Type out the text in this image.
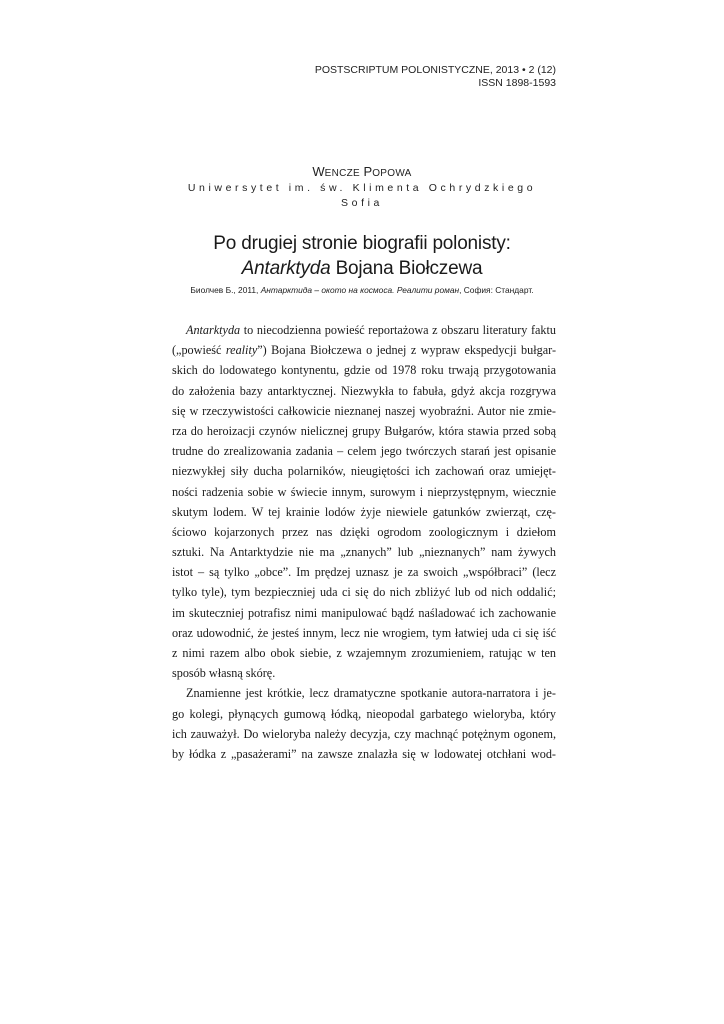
POSTSCRIPTUM POLONISTYCZNE, 2013 • 2 (12)
ISSN 1898-1593
WENCZE POPOWA
Uniwersytet im. św. Klimenta Ochrydzkiego
Sofia
Po drugiej stronie biografii polonisty:
Antarktyda Bojana Biołczewa
Биолчев Б., 2011, Антарктида – окото на космоса. Реалити роман, София: Стандарт.
Antarktyda to niecodzienna powieść reportażowa z obszaru literatury faktu
(„powieść reality”) Bojana Biołczewa o jednej z wypraw ekspedycji bułgar-
skich do lodowatego kontynentu, gdzie od 1978 roku trwają przygotowania
do założenia bazy antarktycznej. Niezwykła to fabuła, gdyż akcja rozgrywa
się w rzeczywistości całkowicie nieznanej naszej wyobraźni. Autor nie zmie-
rza do heroizacji czynów nielicznej grupy Bułgarów, która stawia przed sobą
trudne do zrealizowania zadania – celem jego twórczych starań jest opisanie
niezwykłej siły ducha polarników, nieugiętości ich zachowań oraz umiejęt-
ności radzenia sobie w świecie innym, surowym i nieprzystępnym, wiecznie
skutym lodem. W tej krainie lodów żyje niewiele gatunków zwierząt, czę-
ściowo kojarzonych przez nas dzięki ogrodom zoologicznym i dziełom
sztuki. Na Antarktydzie nie ma „znanych” lub „nieznanych” nam żywych
istot – są tylko „obce”. Im prędzej uznasz je za swoich „współbraci” (lecz
tylko tyle), tym bezpieczniej uda ci się do nich zbliżyć lub od nich oddalić;
im skuteczniej potrafisz nimi manipulować bądź naśladować ich zachowanie
oraz udowodnić, że jesteś innym, lecz nie wrogiem, tym łatwiej uda ci się iść
z nimi razem albo obok siebie, z wzajemnym zrozumieniem, ratując w ten
sposób własną skórę.
Znamienne jest krótkie, lecz dramatyczne spotkanie autora-narratora i je-
go kolegi, płynących gumową łódką, nieopodal garbatego wieloryba, który
ich zauważył. Do wieloryba należy decyzja, czy machnąć potężnym ogonem,
by łódka z „pasażerami” na zawsze znalazła się w lodowatej otchłani wod-
